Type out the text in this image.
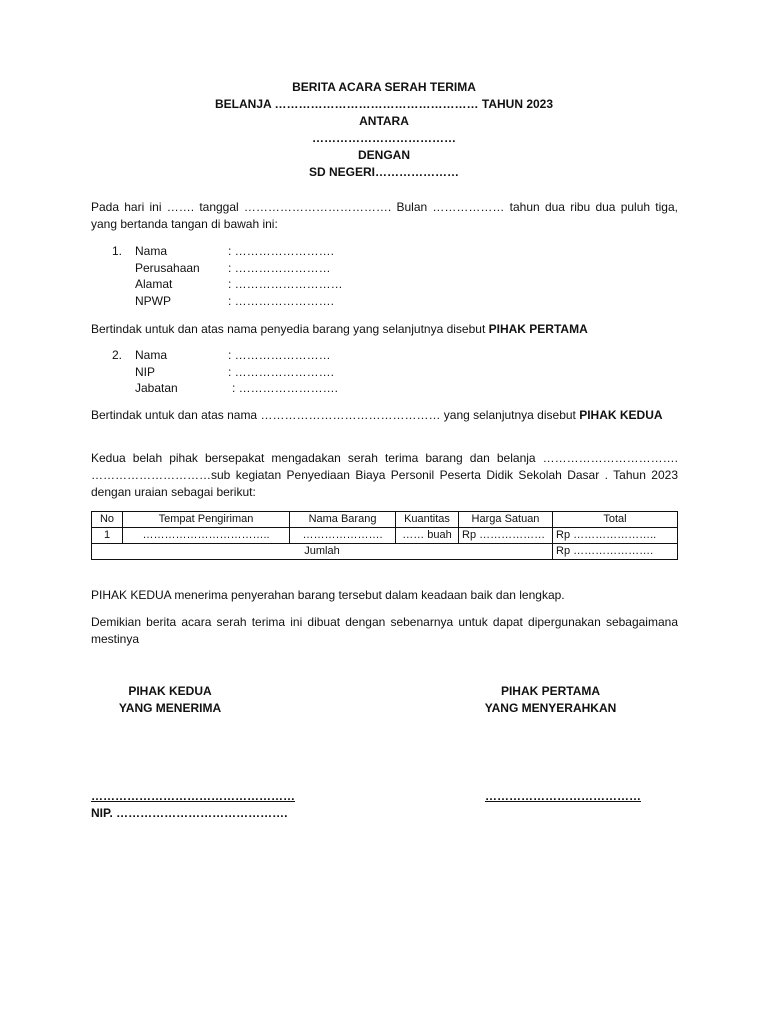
BERITA ACARA SERAH TERIMA
BELANJA …………………………………………… TAHUN 2023
ANTARA
………………………………
DENGAN
SD NEGERI…………………
Pada hari ini ……. tanggal ………………………………. Bulan ……………… tahun dua ribu dua puluh tiga, yang bertanda tangan di bawah ini:
1. Nama	: …………………….
Perusahaan : ……………………
Alamat	: ………………………
NPWP	: …………………….
Bertindak untuk dan atas nama penyedia barang yang selanjutnya disebut PIHAK PERTAMA
2. Nama	: ……………………
NIP	: …………………….
Jabatan	: …………………….
Bertindak untuk dan atas nama ……………………………………… yang selanjutnya disebut PIHAK KEDUA
Kedua belah pihak bersepakat mengadakan serah terima barang dan belanja ……………………………. …………………………sub kegiatan Penyediaan Biaya Personil Peserta Didik Sekolah Dasar . Tahun 2023 dengan uraian sebagai berikut:
No	Tempat Pengiriman	Nama Barang	Kuantitas	Harga Satuan	Total
1	……………………………..	………………….	…… buah	Rp ………………	Rp …………………..
Jumlah					Rp ………………….
PIHAK KEDUA menerima penyerahan barang tersebut dalam keadaan baik dan lengkap.
Demikian berita acara serah terima ini dibuat dengan sebenarnya untuk dapat dipergunakan sebagaimana mestinya
PIHAK KEDUA
YANG MENERIMA
PIHAK PERTAMA
YANG MENYERAHKAN
……………………………………………
NIP. …………………………………….
…………………………………
